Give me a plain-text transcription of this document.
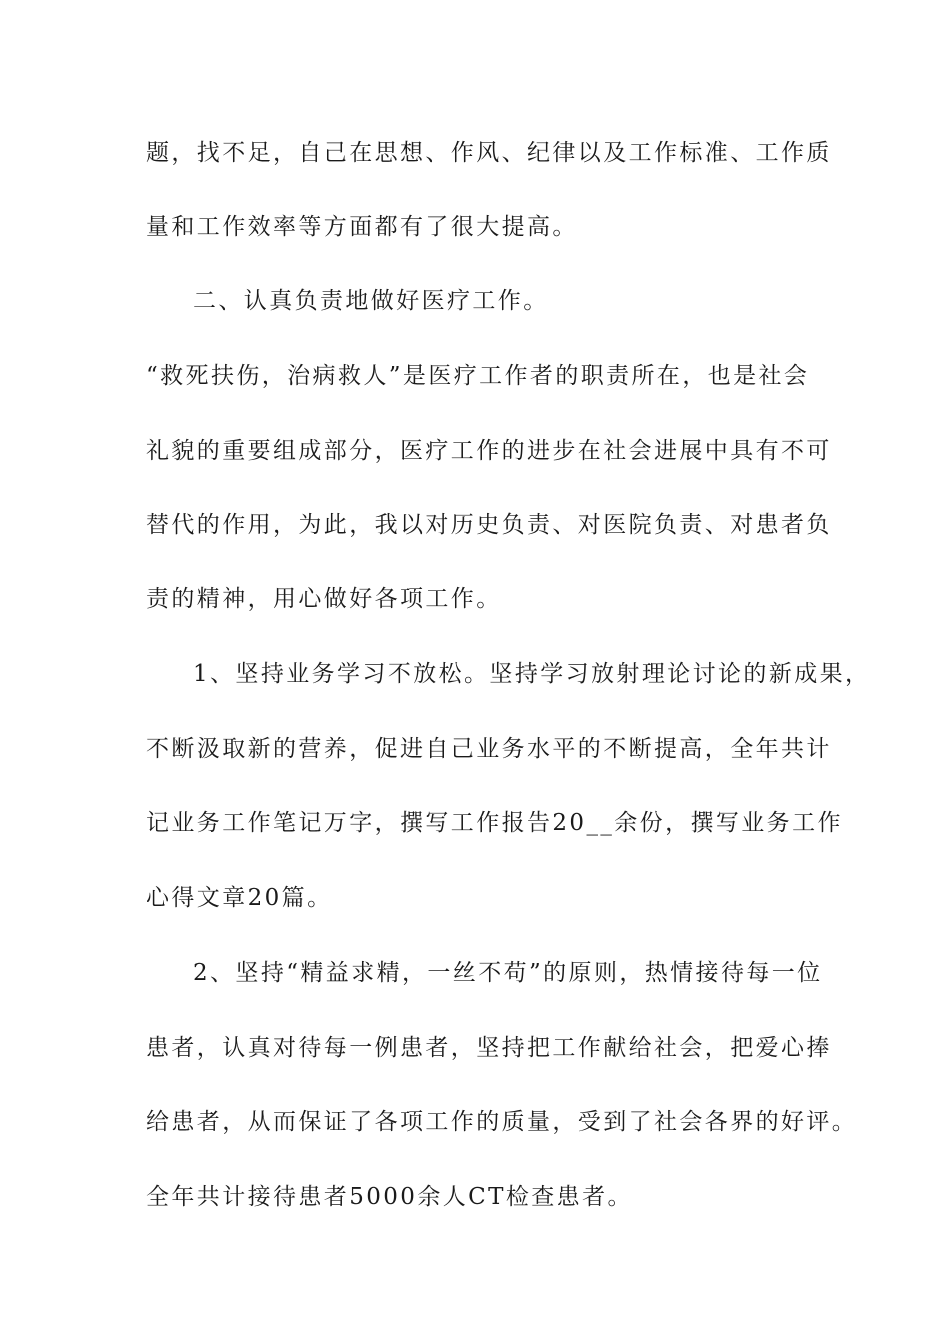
题，找不足，自己在思想、作风、纪律以及工作标准、工作质
量和工作效率等方面都有了很大提高。
二、认真负责地做好医疗工作。
“救死扶伤，治病救人”是医疗工作者的职责所在，也是社会
礼貌的重要组成部分，医疗工作的进步在社会进展中具有不可
替代的作用，为此，我以对历史负责、对医院负责、对患者负
责的精神，用心做好各项工作。
1、坚持业务学习不放松。坚持学习放射理论讨论的新成果，
不断汲取新的营养，促进自己业务水平的不断提高，全年共计
记业务工作笔记万字，撰写工作报告20__余份，撰写业务工作
心得文章20篇。
2、坚持“精益求精，一丝不苟”的原则，热情接待每一位
患者，认真对待每一例患者，坚持把工作献给社会，把爱心捧
给患者，从而保证了各项工作的质量，受到了社会各界的好评。
全年共计接待患者5000余人CT检查患者。
